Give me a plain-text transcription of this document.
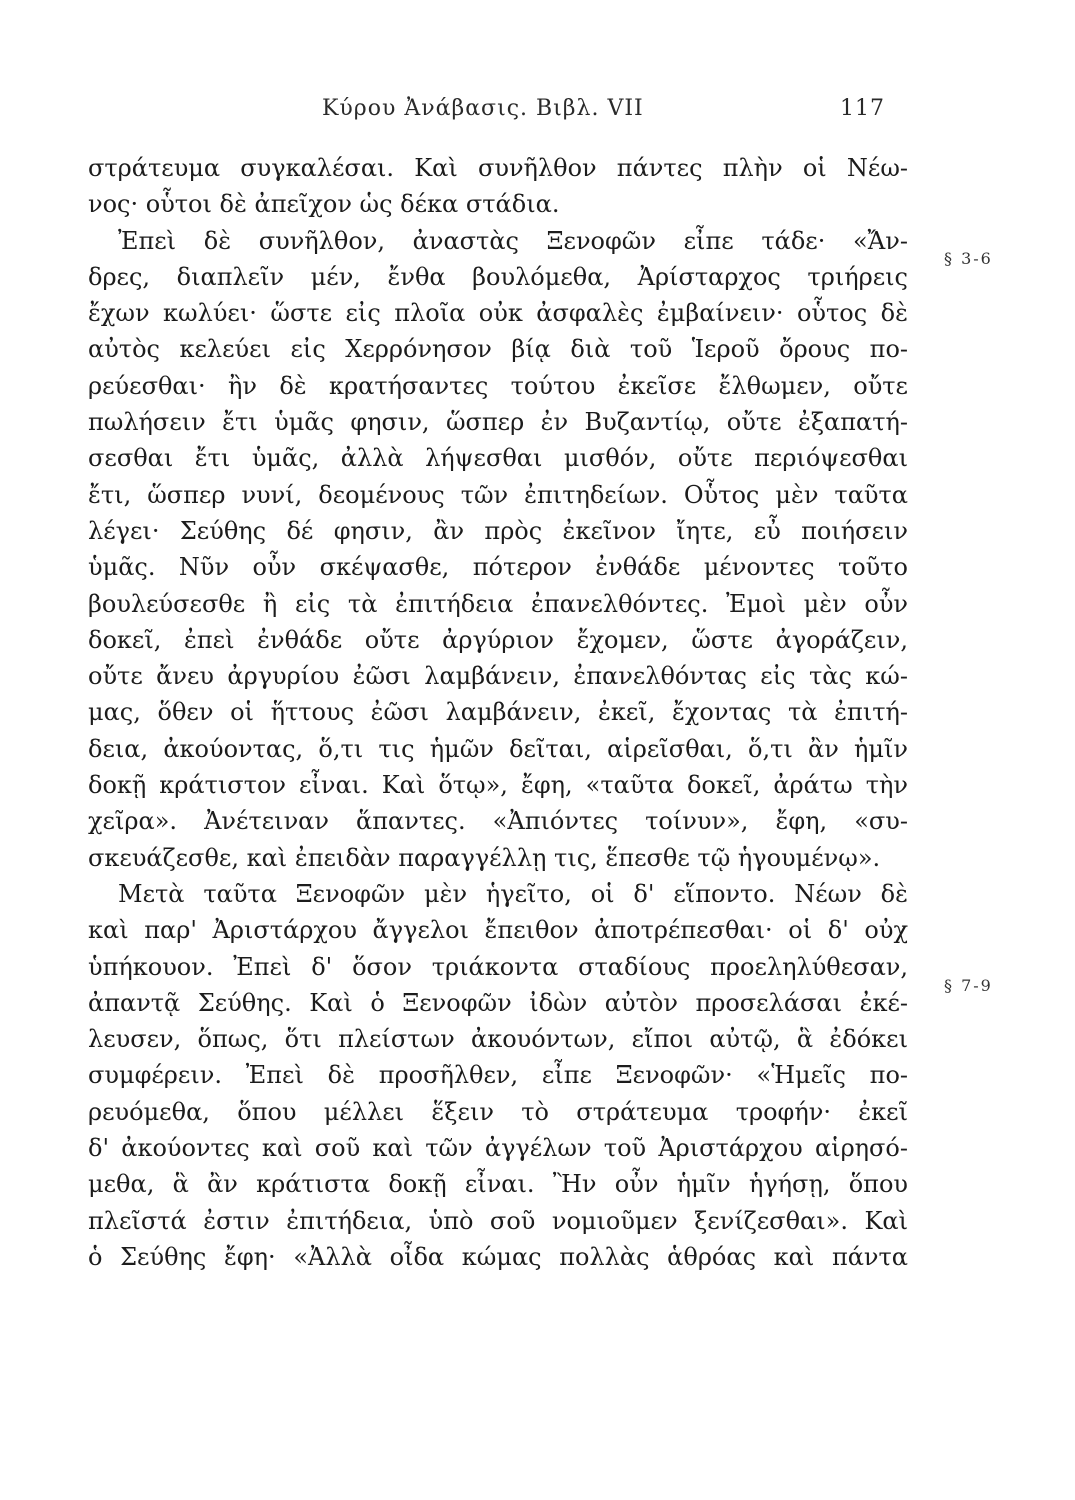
Κύρου Ἀνάβασις. Βιβλ. VII	117
§ 3-6
§ 7-9
στράτευμα συγκαλέσαι. Καὶ συνῆλθον πάντες πλὴν οἱ Νέω-
νος· οὗτοι δὲ ἀπεῖχον ὡς δέκα στάδια.
Ἐπεὶ δὲ συνῆλθον, ἀναστὰς Ξενοφῶν εἶπε τάδε· «Ἄν-
δρες, διαπλεῖν μέν, ἔνθα βουλόμεθα, Ἀρίσταρχος τριήρεις
ἔχων κωλύει· ὥστε εἰς πλοῖα οὐκ ἀσφαλὲς ἐμβαίνειν· οὗτος δὲ
αὐτὸς κελεύει εἰς Χερρόνησον βίᾳ διὰ τοῦ Ἱεροῦ ὄρους πο-
ρεύεσθαι· ἢν δὲ κρατήσαντες τούτου ἐκεῖσε ἔλθωμεν, οὔτε
πωλήσειν ἔτι ὑμᾶς φησιν, ὥσπερ ἐν Βυζαντίῳ, οὔτε ἐξαπατή-
σεσθαι ἔτι ὑμᾶς, ἀλλὰ λήψεσθαι μισθόν, οὔτε περιόψεσθαι
ἔτι, ὥσπερ νυνί, δεομένους τῶν ἐπιτηδείων. Οὗτος μὲν ταῦτα
λέγει· Σεύθης δέ φησιν, ἂν πρὸς ἐκεῖνον ἴητε, εὖ ποιήσειν
ὑμᾶς. Νῦν οὖν σκέψασθε, πότερον ἐνθάδε μένοντες τοῦτο
βουλεύσεσθε ἢ εἰς τὰ ἐπιτήδεια ἐπανελθόντες. Ἐμοὶ μὲν οὖν
δοκεῖ, ἐπεὶ ἐνθάδε οὔτε ἀργύριον ἔχομεν, ὥστε ἀγοράζειν,
οὔτε ἄνευ ἀργυρίου ἐῶσι λαμβάνειν, ἐπανελθόντας εἰς τὰς κώ-
μας, ὅθεν οἱ ἥττους ἐῶσι λαμβάνειν, ἐκεῖ, ἔχοντας τὰ ἐπιτή-
δεια, ἀκούοντας, ὅ,τι τις ἡμῶν δεῖται, αἱρεῖσθαι, ὅ,τι ἂν ἡμῖν
δοκῇ κράτιστον εἶναι. Καὶ ὅτῳ», ἔφη, «ταῦτα δοκεῖ, ἀράτω τὴν
χεῖρα». Ἀνέτειναν ἅπαντες. «Ἀπιόντες τοίνυν», ἔφη, «συ-
σκευάζεσθε, καὶ ἐπειδὰν παραγγέλλῃ τις, ἕπεσθε τῷ ἡγουμένῳ».
Μετὰ ταῦτα Ξενοφῶν μὲν ἡγεῖτο, οἱ δ' εἵποντο. Νέων δὲ
καὶ παρ' Ἀριστάρχου ἄγγελοι ἔπειθον ἀποτρέπεσθαι· οἱ δ' οὐχ
ὑπήκουον. Ἐπεὶ δ' ὅσον τριάκοντα σταδίους προεληλύθεσαν,
ἀπαντᾷ Σεύθης. Καὶ ὁ Ξενοφῶν ἰδὼν αὐτὸν προσελάσαι ἐκέ-
λευσεν, ὅπως, ὅτι πλείστων ἀκουόντων, εἴποι αὐτῷ, ἃ ἐδόκει
συμφέρειν. Ἐπεὶ δὲ προσῆλθεν, εἶπε Ξενοφῶν· «Ἡμεῖς πο-
ρευόμεθα, ὅπου μέλλει ἕξειν τὸ στράτευμα τροφήν· ἐκεῖ
δ' ἀκούοντες καὶ σοῦ καὶ τῶν ἀγγέλων τοῦ Ἀριστάρχου αἱρησό-
μεθα, ἃ ἂν κράτιστα δοκῇ εἶναι. Ἢν οὖν ἡμῖν ἡγήσῃ, ὅπου
πλεῖστά ἐστιν ἐπιτήδεια, ὑπὸ σοῦ νομιοῦμεν ξενίζεσθαι». Καὶ
ὁ Σεύθης ἔφη· «Ἀλλὰ οἶδα κώμας πολλὰς ἁθρόας καὶ πάντα
